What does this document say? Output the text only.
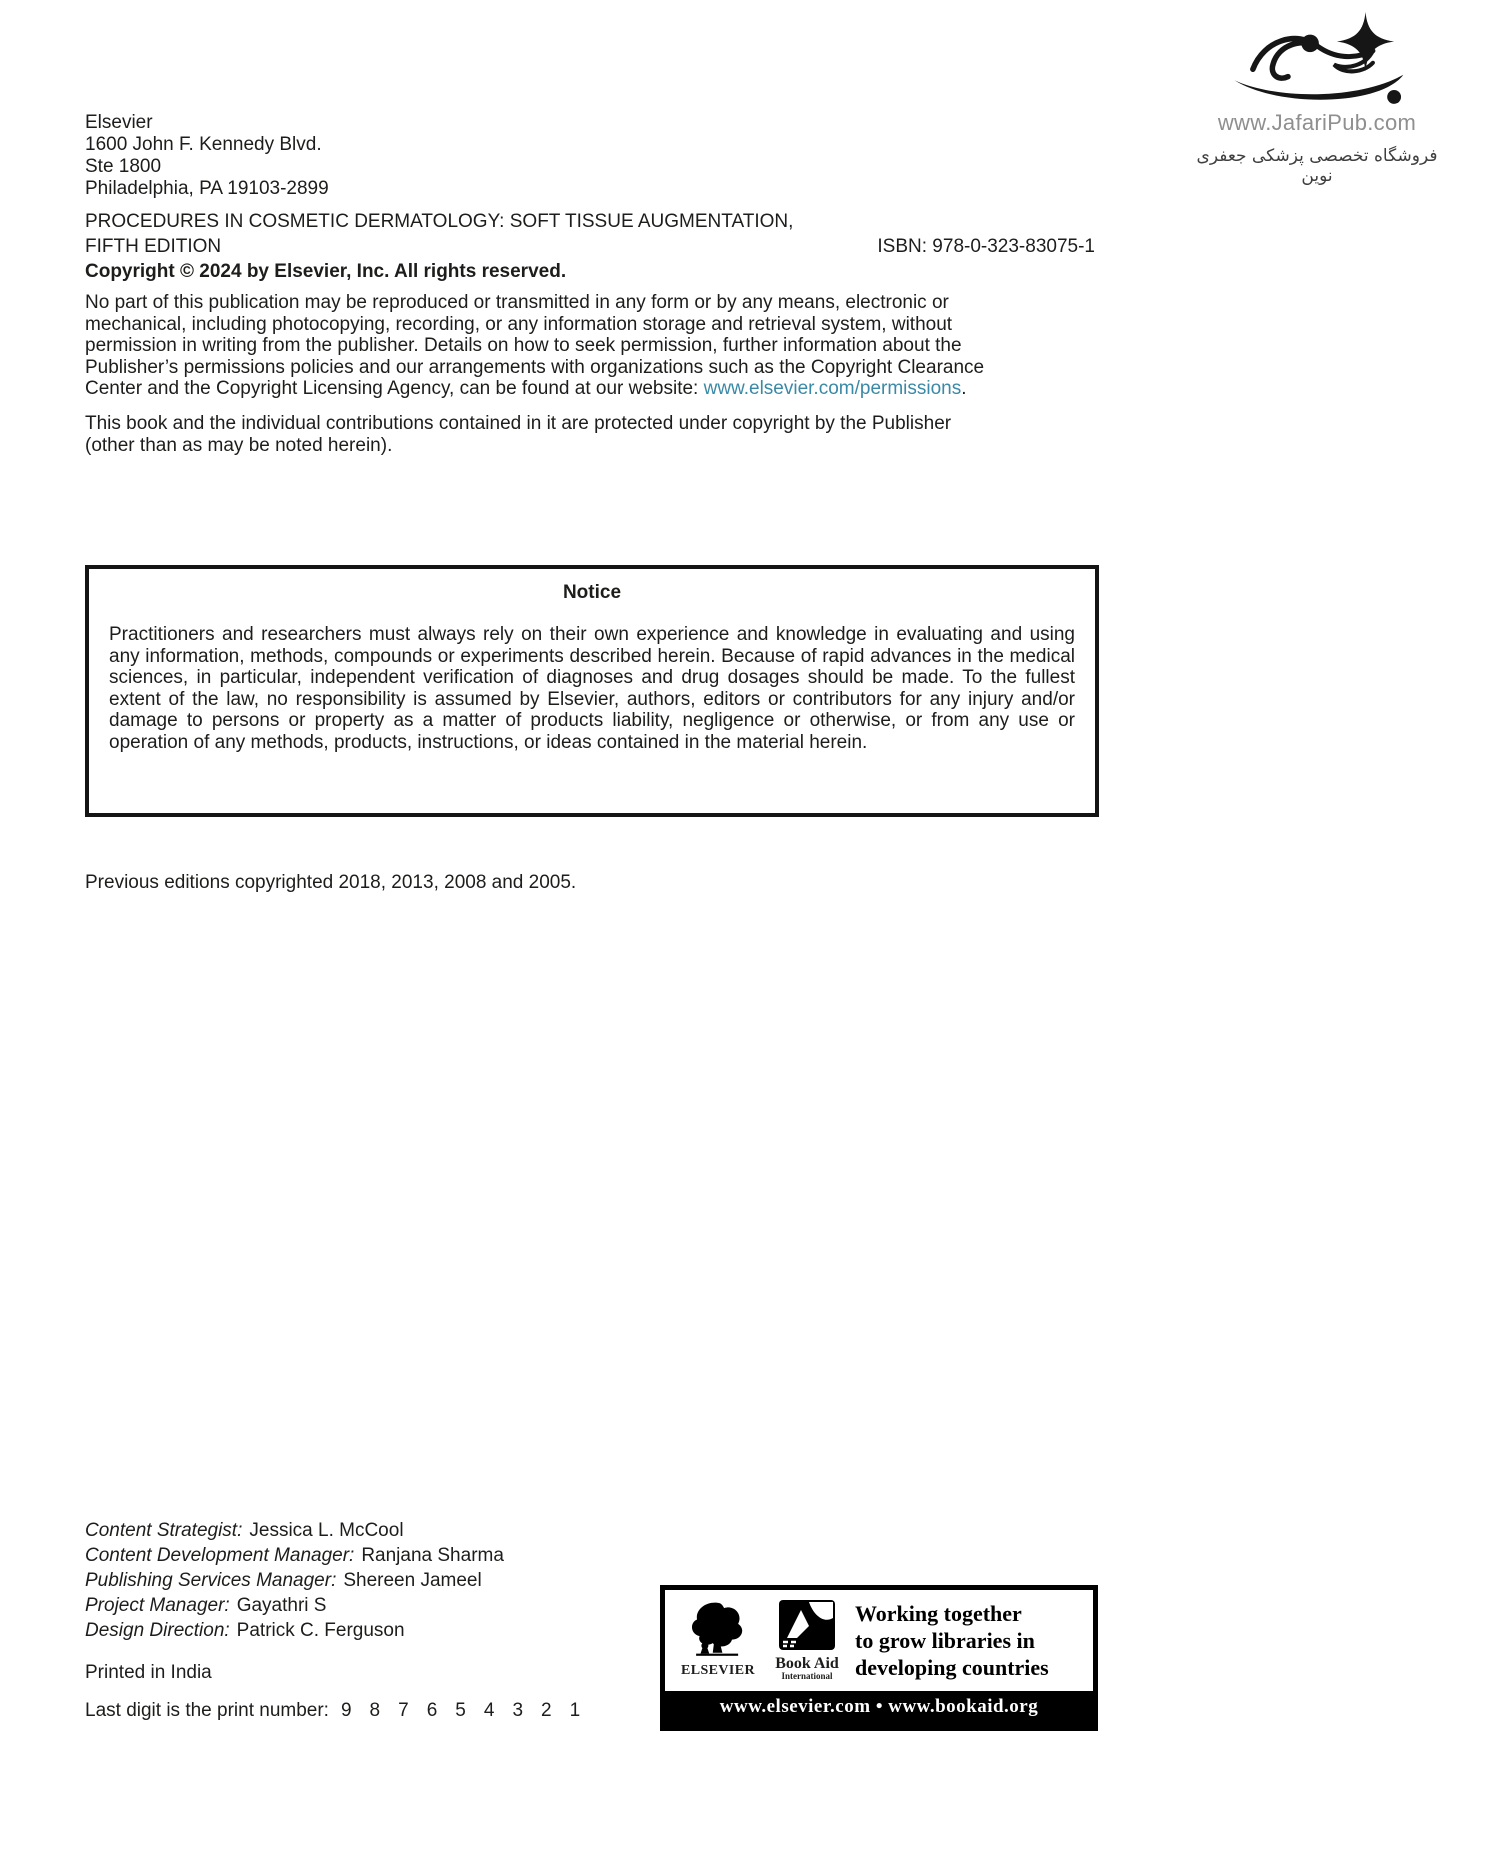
www.JafariPub.com
فروشگاه تخصصی پزشکی جعفری نوین
Elsevier
1600 John F. Kennedy Blvd.
Ste 1800
Philadelphia, PA 19103-2899
PROCEDURES IN COSMETIC DERMATOLOGY: SOFT TISSUE AUGMENTATION,
FIFTH EDITION	ISBN: 978-0-323-83075-1
Copyright © 2024 by Elsevier, Inc. All rights reserved.
No part of this publication may be reproduced or transmitted in any form or by any means, electronic or mechanical, including photocopying, recording, or any information storage and retrieval system, without permission in writing from the publisher. Details on how to seek permission, further information about the Publisher’s permissions policies and our arrangements with organizations such as the Copyright Clearance Center and the Copyright Licensing Agency, can be found at our website: www.elsevier.com/permissions.
This book and the individual contributions contained in it are protected under copyright by the Publisher (other than as may be noted herein).
Notice
Practitioners and researchers must always rely on their own experience and knowledge in evaluating and using any information, methods, compounds or experiments described herein. Because of rapid advances in the medical sciences, in particular, independent verification of diagnoses and drug dosages should be made. To the fullest extent of the law, no responsibility is assumed by Elsevier, authors, editors or contributors for any injury and/or damage to persons or property as a matter of products liability, negligence or otherwise, or from any use or operation of any methods, products, instructions, or ideas contained in the material herein.
Previous editions copyrighted 2018, 2013, 2008 and 2005.
Content Strategist: Jessica L. McCool
Content Development Manager: Ranjana Sharma
Publishing Services Manager: Shereen Jameel
Project Manager: Gayathri S
Design Direction: Patrick C. Ferguson
Printed in India
Last digit is the print number: 9 8 7 6 5 4 3 2 1
ELSEVIER	Book Aid
International
Working together
to grow libraries in
developing countries
www.elsevier.com • www.bookaid.org
